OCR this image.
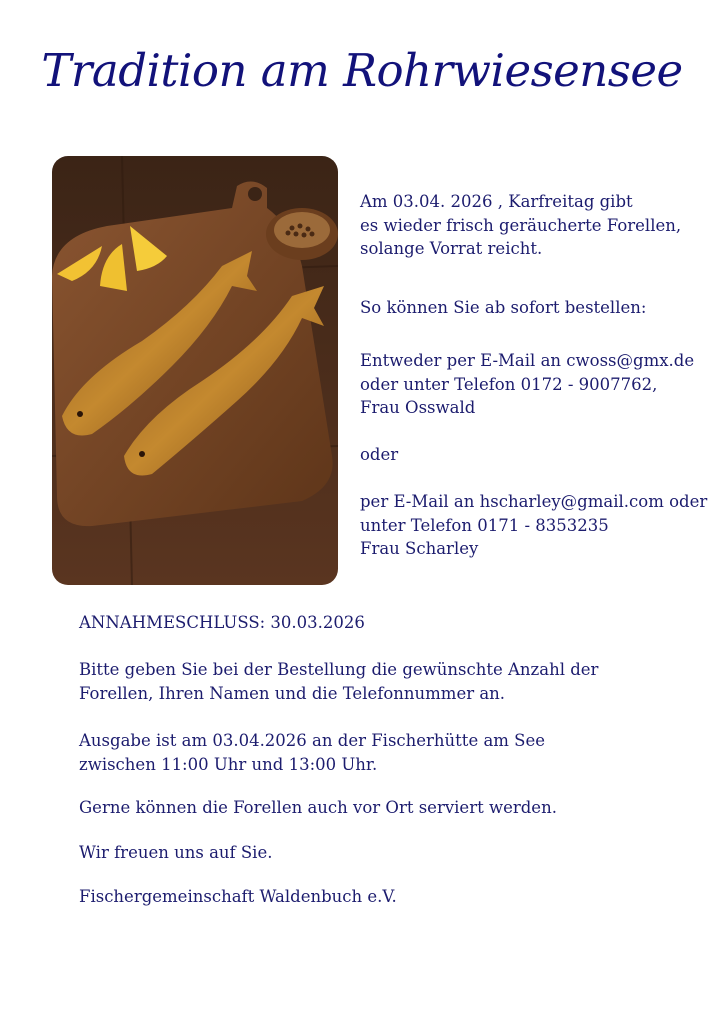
Tradition am Rohrwiesensee
Am 03.04. 2026 , Karfreitag gibt
es wieder frisch geräucherte Forellen,
solange Vorrat reicht.
So können Sie ab sofort bestellen:
Entweder per E-Mail an cwoss@gmx.de
oder unter Telefon 0172 - 9007762,
Frau Osswald
oder
per E-Mail an hscharley@gmail.com oder
unter Telefon 0171 - 8353235
Frau Scharley
ANNAHMESCHLUSS: 30.03.2026
Bitte geben Sie bei der Bestellung die gewünschte Anzahl der
Forellen, Ihren Namen und die Telefonnummer an.
Ausgabe ist am 03.04.2026 an der Fischerhütte am See
zwischen 11:00 Uhr und 13:00 Uhr.
Gerne können die Forellen auch vor Ort serviert werden.
Wir freuen uns auf Sie.
Fischergemeinschaft Waldenbuch e.V.
